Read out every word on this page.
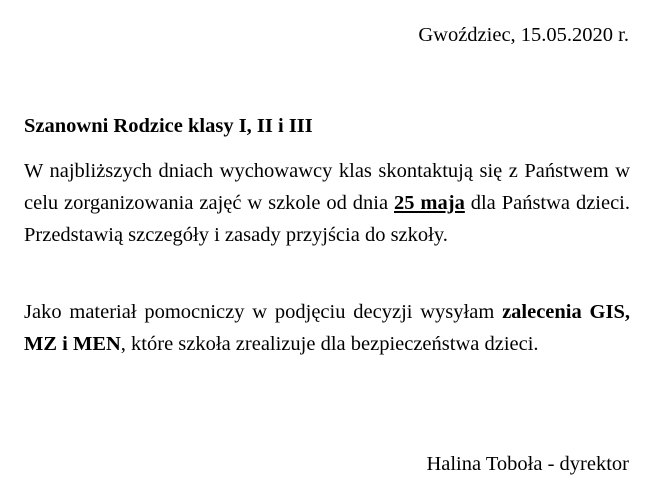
Gwoździec, 15.05.2020 r.
Szanowni Rodzice klasy I, II i III

W najbliższych dniach wychowawcy klas skontaktują się z Państwem w celu zorganizowania zajęć w szkole od dnia 25 maja dla Państwa dzieci. Przedstawią szczegóły i zasady przyjścia do szkoły.

Jako materiał pomocniczy w podjęciu decyzji wysyłam zalecenia GIS, MZ i MEN, które szkoła zrealizuje dla bezpieczeństwa dzieci.

Halina Toboła - dyrektor
